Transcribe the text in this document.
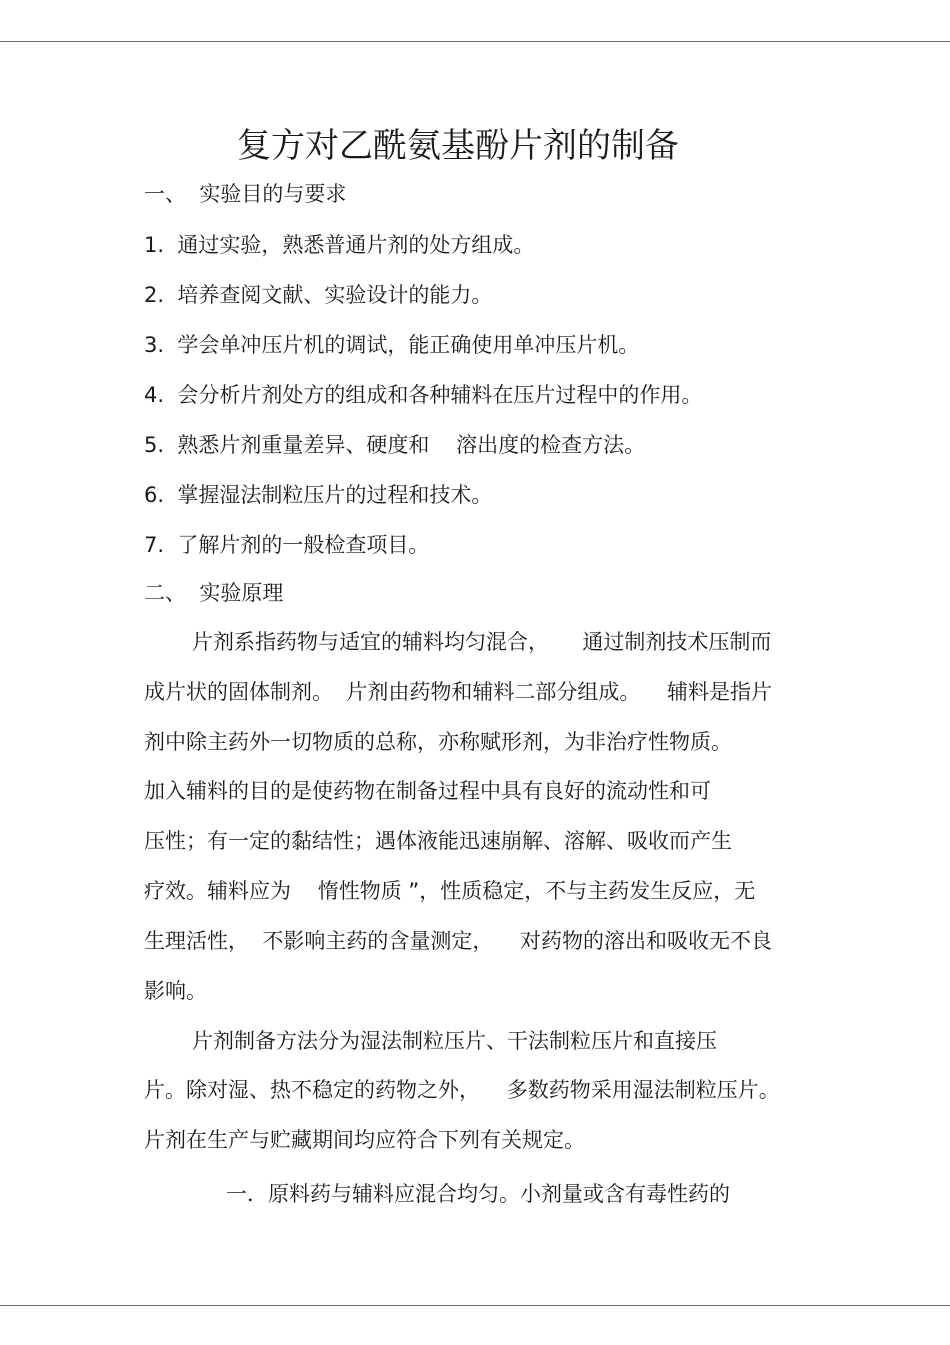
复方对乙酰氨基酚片剂的制备
一、  实验目的与要求
1.  通过实验，熟悉普通片剂的处方组成。
2.  培养查阅文献、实验设计的能力。
3.  学会单冲压片机的调试，能正确使用单冲压片机。
4.  会分析片剂处方的组成和各种辅料在压片过程中的作用。
5.  熟悉片剂重量差异、硬度和    溶出度的检查方法。
6.  掌握湿法制粒压片的过程和技术。
7.  了解片剂的一般检查项目。
二、  实验原理
片剂系指药物与适宜的辅料均匀混合，     通过制剂技术压制而
成片状的固体制剂。  片剂由药物和辅料二部分组成。    辅料是指片
剂中除主药外一切物质的总称，亦称赋形剂，为非治疗性物质。
加入辅料的目的是使药物在制备过程中具有良好的流动性和可
压性；有一定的黏结性；遇体液能迅速崩解、溶解、吸收而产生
疗效。辅料应为    惰性物质 ”，性质稳定，不与主药发生反应，无
生理活性，  不影响主药的含量测定，    对药物的溶出和吸收无不良
影响。
片剂制备方法分为湿法制粒压片、干法制粒压片和直接压
片。除对湿、热不稳定的药物之外，    多数药物采用湿法制粒压片。
片剂在生产与贮藏期间均应符合下列有关规定。
一．原料药与辅料应混合均匀。小剂量或含有毒性药的
